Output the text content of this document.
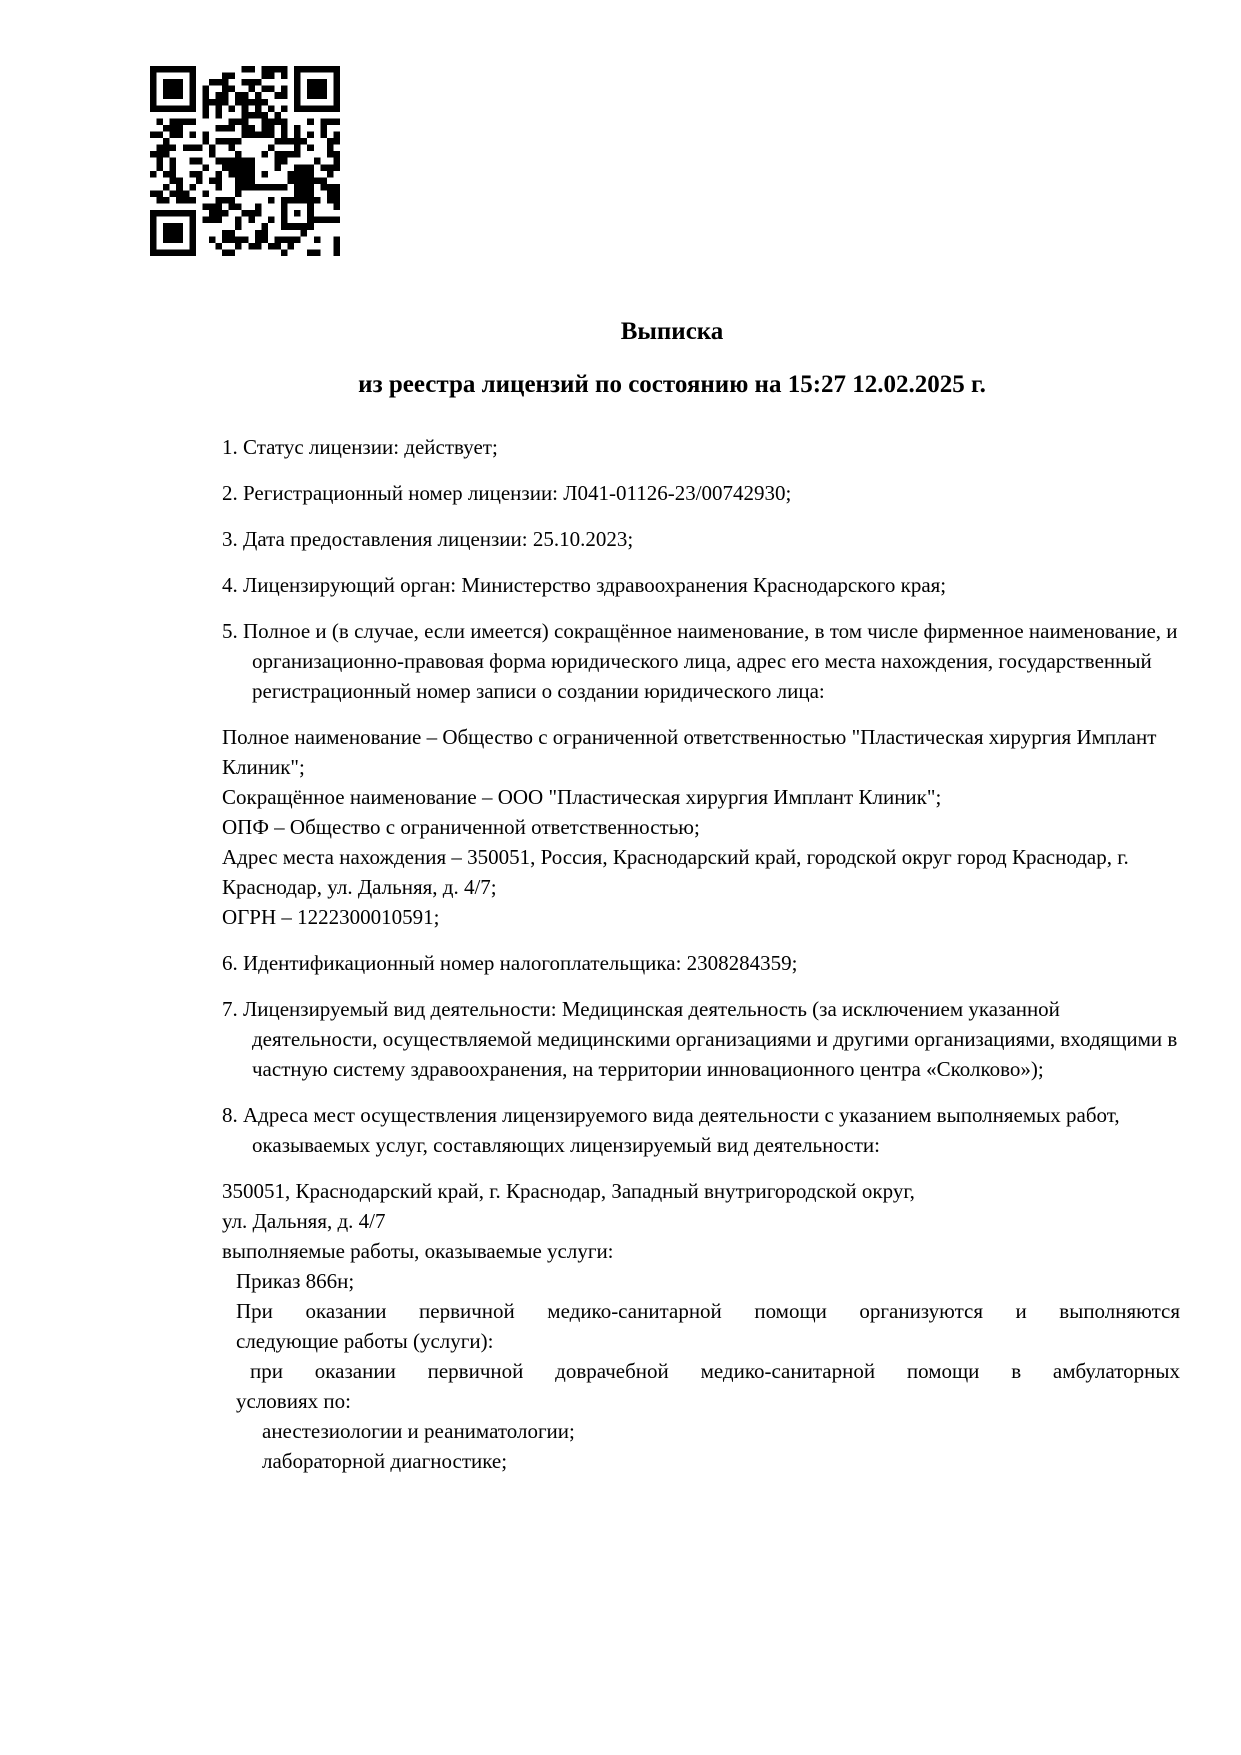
Выписка
из реестра лицензий по состоянию на 15:27 12.02.2025 г.

1. Статус лицензии: действует;

2. Регистрационный номер лицензии: Л041-01126-23/00742930;

3. Дата предоставления лицензии: 25.10.2023;

4. Лицензирующий орган: Министерство здравоохранения Краснодарского края;

5. Полное и (в случае, если имеется) сокращённое наименование, в том числе фирменное наименование, и организационно-правовая форма юридического лица, адрес его места нахождения, государственный регистрационный номер записи о создании юридического лица:

Полное наименование – Общество с ограниченной ответственностью "Пластическая хирургия Имплант Клиник";

Сокращённое наименование – ООО "Пластическая хирургия Имплант Клиник";

ОПФ – Общество с ограниченной ответственностью;

Адрес места нахождения – 350051, Россия, Краснодарский край, городской округ город Краснодар, г. Краснодар, ул. Дальняя, д. 4/7;

ОГРН – 1222300010591;

6. Идентификационный номер налогоплательщика: 2308284359;

7. Лицензируемый вид деятельности: Медицинская деятельность (за исключением указанной деятельности, осуществляемой медицинскими организациями и другими организациями, входящими в частную систему здравоохранения, на территории инновационного центра «Сколково»);

8. Адреса мест осуществления лицензируемого вида деятельности с указанием выполняемых работ, оказываемых услуг, составляющих лицензируемый вид деятельности:

350051, Краснодарский край, г. Краснодар, Западный внутригородской округ,
ул. Дальняя, д. 4/7
выполняемые работы, оказываемые услуги:
Приказ 866н;
При оказании первичной медико-санитарной помощи организуются и выполняются
следующие работы (услуги):
при оказании первичной доврачебной медико-санитарной помощи в амбулаторных
условиях по:
анестезиологии и реаниматологии;
лабораторной диагностике;
